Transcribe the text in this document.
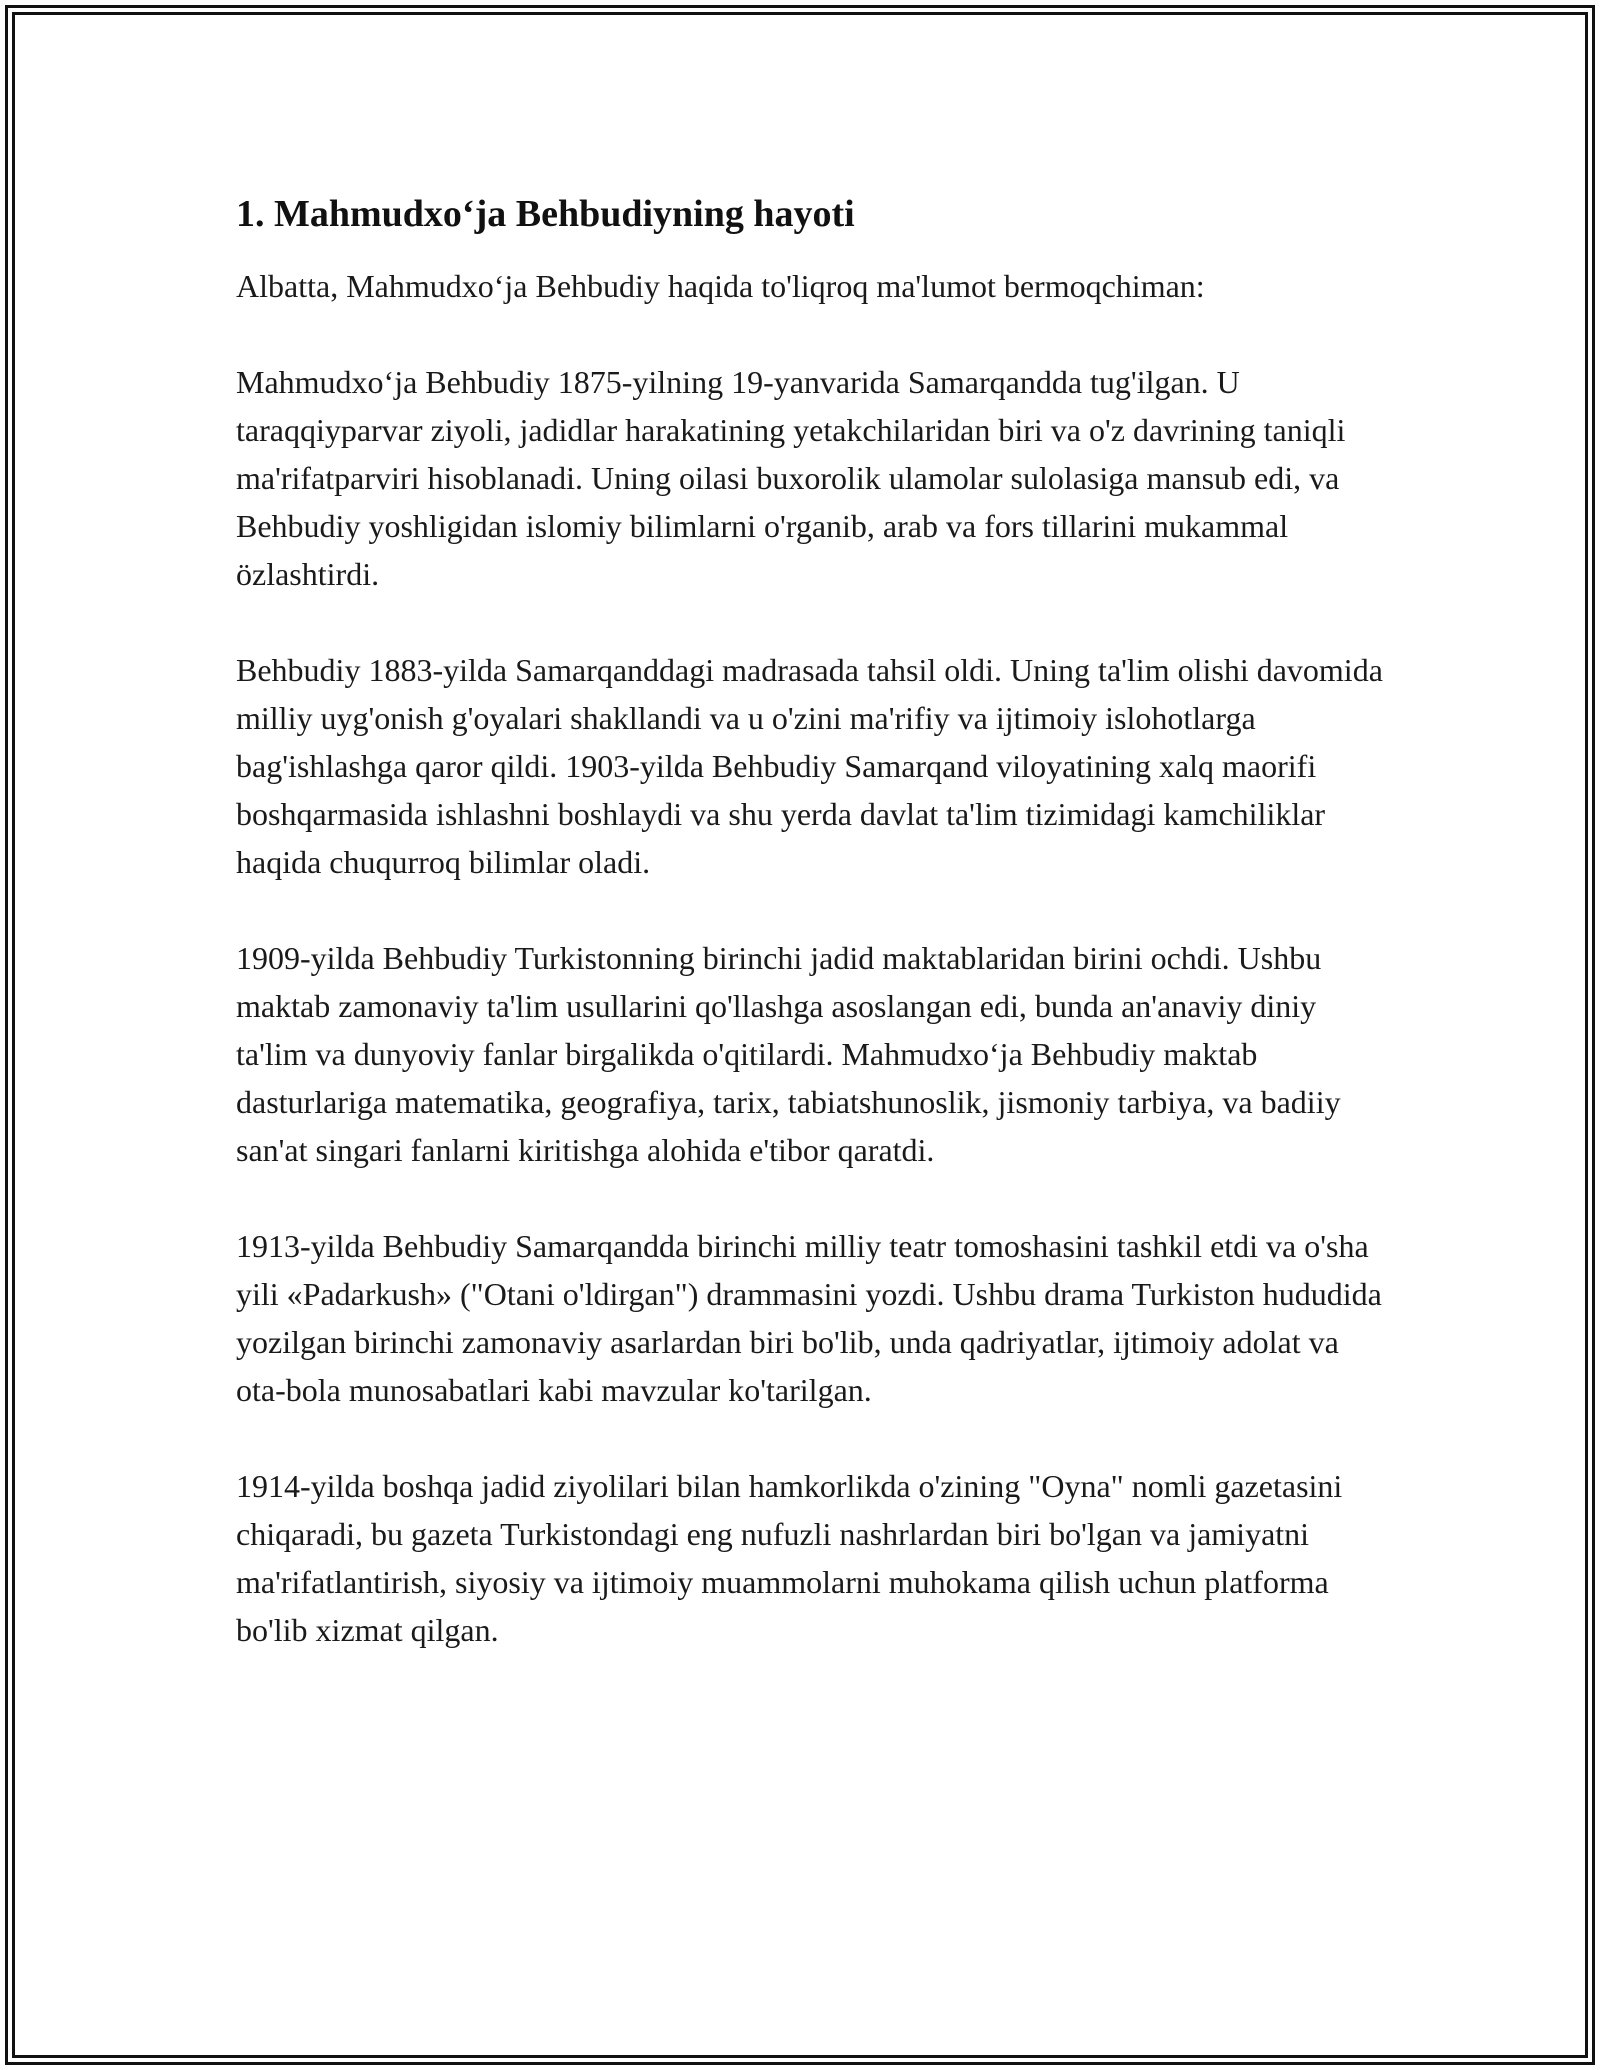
1. Mahmudxo‘ja Behbudiyning hayoti

Albatta, Mahmudxo‘ja Behbudiy haqida to'liqroq ma'lumot bermoqchiman:

Mahmudxo‘ja Behbudiy 1875-yilning 19-yanvarida Samarqandda tug'ilgan. U taraqqiyparvar ziyoli, jadidlar harakatining yetakchilaridan biri va o'z davrining taniqli ma'rifatparviri hisoblanadi. Uning oilasi buxorolik ulamolar sulolasiga mansub edi, va Behbudiy yoshligidan islomiy bilimlarni o'rganib, arab va fors tillarini mukammal özlashtirdi.

Behbudiy 1883-yilda Samarqanddagi madrasada tahsil oldi. Uning ta'lim olishi davomida milliy uyg'onish g'oyalari shakllandi va u o'zini ma'rifiy va ijtimoiy islohotlarga bag'ishlashga qaror qildi. 1903-yilda Behbudiy Samarqand viloyatining xalq maorifi boshqarmasida ishlashni boshlaydi va shu yerda davlat ta'lim tizimidagi kamchiliklar haqida chuqurroq bilimlar oladi.

1909-yilda Behbudiy Turkistonning birinchi jadid maktablaridan birini ochdi. Ushbu maktab zamonaviy ta'lim usullarini qo'llashga asoslangan edi, bunda an'anaviy diniy ta'lim va dunyoviy fanlar birgalikda o'qitilardi. Mahmudxo‘ja Behbudiy maktab dasturlariga matematika, geografiya, tarix, tabiatshunoslik, jismoniy tarbiya, va badiiy san'at singari fanlarni kiritishga alohida e'tibor qaratdi.

1913-yilda Behbudiy Samarqandda birinchi milliy teatr tomoshasini tashkil etdi va o'sha yili «Padarkush» ("Otani o'ldirgan") drammasini yozdi. Ushbu drama Turkiston hududida yozilgan birinchi zamonaviy asarlardan biri bo'lib, unda qadriyatlar, ijtimoiy adolat va ota-bola munosabatlari kabi mavzular ko'tarilgan.

1914-yilda boshqa jadid ziyolilari bilan hamkorlikda o'zining "Oyna" nomli gazetasini chiqaradi, bu gazeta Turkistondagi eng nufuzli nashrlardan biri bo'lgan va jamiyatni ma'rifatlantirish, siyosiy va ijtimoiy muammolarni muhokama qilish uchun platforma bo'lib xizmat qilgan.
